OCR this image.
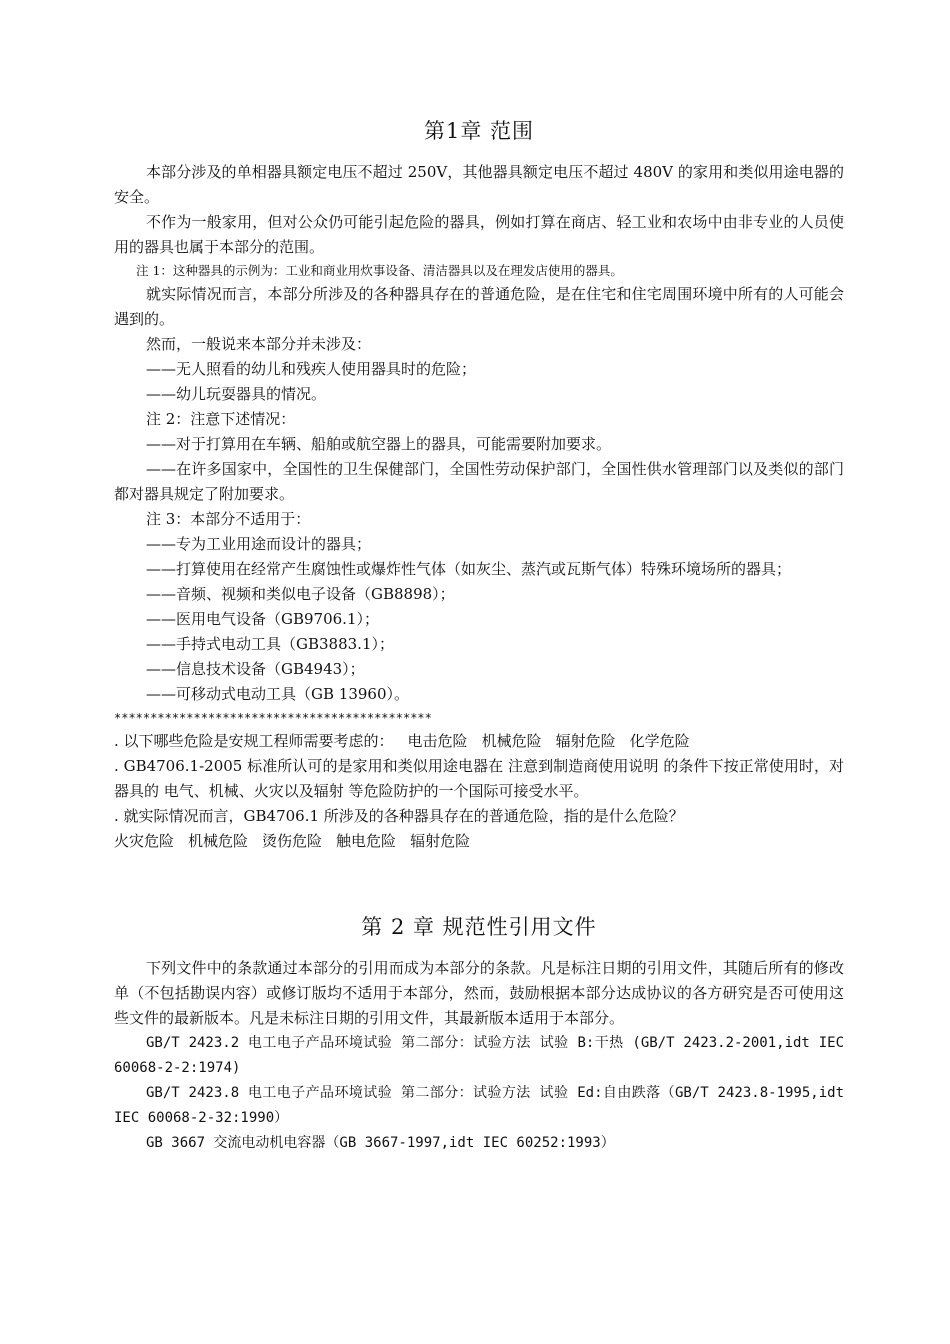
第1章 范围

本部分涉及的单相器具额定电压不超过 250V，其他器具额定电压不超过 480V 的家用和类似用途电器的安全。

不作为一般家用，但对公众仍可能引起危险的器具，例如打算在商店、轻工业和农场中由非专业的人员使用的器具也属于本部分的范围。

注 1：这种器具的示例为：工业和商业用炊事设备、清洁器具以及在理发店使用的器具。

就实际情况而言，本部分所涉及的各种器具存在的普通危险，是在住宅和住宅周围环境中所有的人可能会遇到的。

然而，一般说来本部分并未涉及：

——无人照看的幼儿和残疾人使用器具时的危险；

——幼儿玩耍器具的情况。

注 2：注意下述情况：

——对于打算用在车辆、船舶或航空器上的器具，可能需要附加要求。

——在许多国家中，全国性的卫生保健部门，全国性劳动保护部门，全国性供水管理部门以及类似的部门都对器具规定了附加要求。

注 3：本部分不适用于：

——专为工业用途而设计的器具；

——打算使用在经常产生腐蚀性或爆炸性气体（如灰尘、蒸汽或瓦斯气体）特殊环境场所的器具；

——音频、视频和类似电子设备（GB8898）；

——医用电气设备（GB9706.1）；

——手持式电动工具（GB3883.1）；

——信息技术设备（GB4943）；

——可移动式电动工具（GB 13960）。

********************************************
. 以下哪些危险是安规工程师需要考虑的： 电击危险 机械危险 辐射危险 化学危险

. GB4706.1-2005 标准所认可的是家用和类似用途电器在 注意到制造商使用说明 的条件下按正常使用时，对器具的 电气、机械、火灾以及辐射 等危险防护的一个国际可接受水平。

. 就实际情况而言，GB4706.1 所涉及的各种器具存在的普通危险，指的是什么危险？

火灾危险 机械危险 烫伤危险 触电危险 辐射危险
第 2 章 规范性引用文件

下列文件中的条款通过本部分的引用而成为本部分的条款。凡是标注日期的引用文件，其随后所有的修改单（不包括勘误内容）或修订版均不适用于本部分，然而，鼓励根据本部分达成协议的各方研究是否可使用这些文件的最新版本。凡是未标注日期的引用文件，其最新版本适用于本部分。

GB/T 2423.2 电工电子产品环境试验 第二部分：试验方法 试验 B:干热 (GB/T 2423.2-2001,idt IEC 60068-2-2:1974)

GB/T 2423.8 电工电子产品环境试验 第二部分：试验方法 试验 Ed:自由跌落（GB/T 2423.8-1995,idt IEC 60068-2-32:1990）

GB 3667 交流电动机电容器（GB 3667-1997,idt IEC 60252:1993）
